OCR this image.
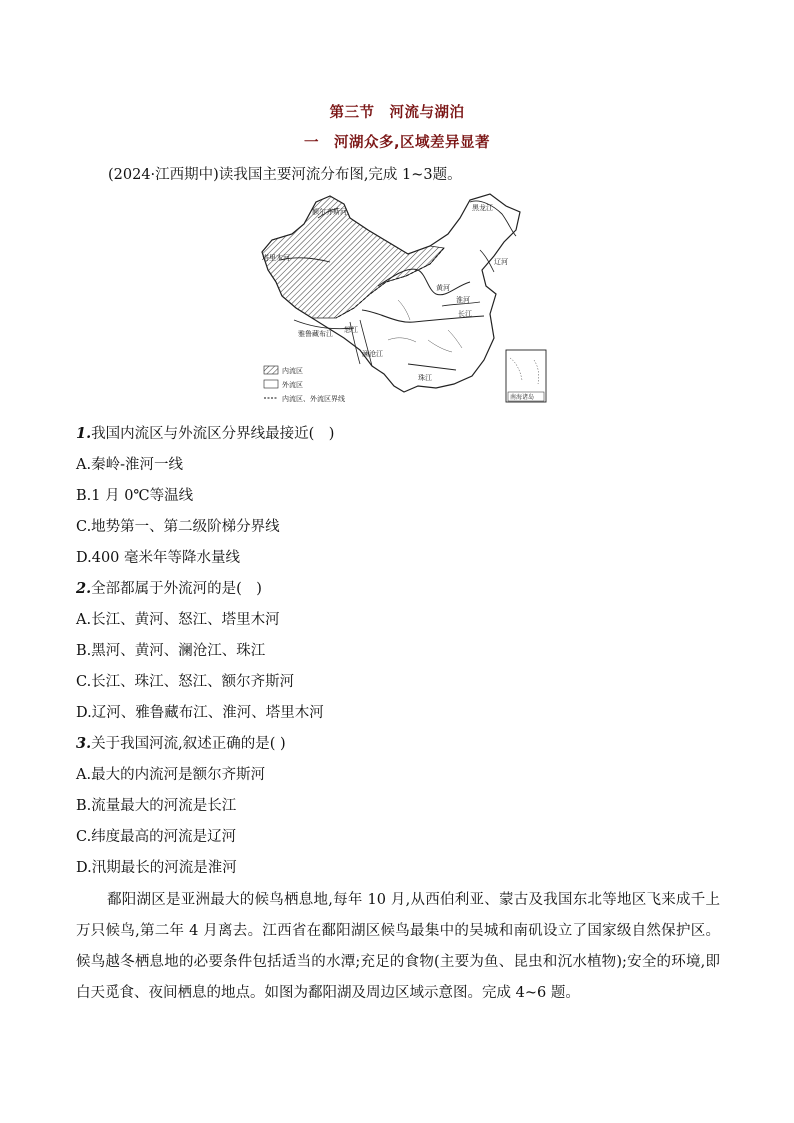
第三节　河流与湖泊
一　河湖众多,区域差异显著
(2024·江西期中)读我国主要河流分布图,完成 1~3题。
额尔齐斯河
塔里木河
雅鲁藏布江
黑龙江
辽河
黄河
淮河
长江
怒江
澜沧江
珠江
南海诸岛
内流区
外流区
内流区、外流区界线
1.我国内流区与外流区分界线最接近(　)
A.秦岭-淮河一线
B.1 月 0℃等温线
C.地势第一、第二级阶梯分界线
D.400 毫米年等降水量线
2.全部都属于外流河的是(　)
A.长江、黄河、怒江、塔里木河
B.黑河、黄河、澜沧江、珠江
C.长江、珠江、怒江、额尔齐斯河
D.辽河、雅鲁藏布江、淮河、塔里木河
3.关于我国河流,叙述正确的是( )
A.最大的内流河是额尔齐斯河
B.流量最大的河流是长江
C.纬度最高的河流是辽河
D.汛期最长的河流是淮河
鄱阳湖区是亚洲最大的候鸟栖息地,每年 10 月,从西伯利亚、蒙古及我国东北等地区飞来成千上万只候鸟,第二年 4 月离去。江西省在鄱阳湖区候鸟最集中的吴城和南矶设立了国家级自然保护区。候鸟越冬栖息地的必要条件包括适当的水潭;充足的食物(主要为鱼、昆虫和沉水植物);安全的环境,即白天觅食、夜间栖息的地点。如图为鄱阳湖及周边区域示意图。完成 4~6 题。
